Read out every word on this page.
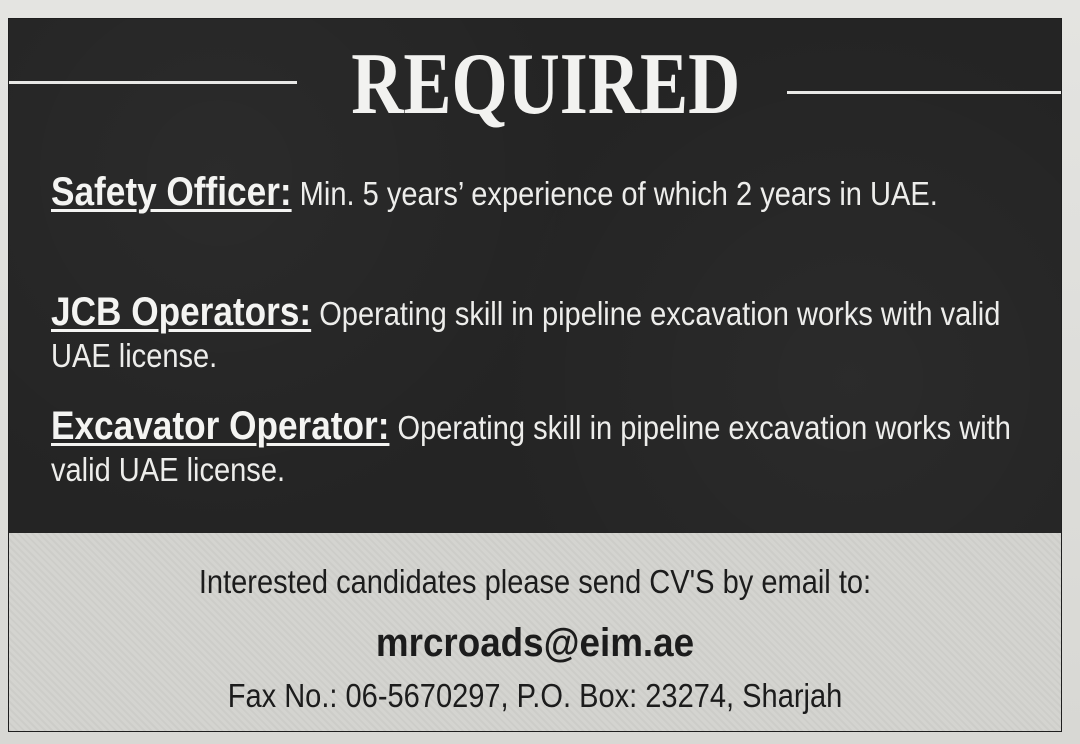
REQUIRED
Safety Officer: Min. 5 years’ experience of which 2 years in UAE.
JCB Operators: Operating skill in pipeline excavation works with valid UAE license.
Excavator Operator: Operating skill in pipeline excavation works with valid UAE license.
Interested candidates please send CV'S by email to:
mrcroads@eim.ae
Fax No.: 06-5670297, P.O. Box: 23274, Sharjah
